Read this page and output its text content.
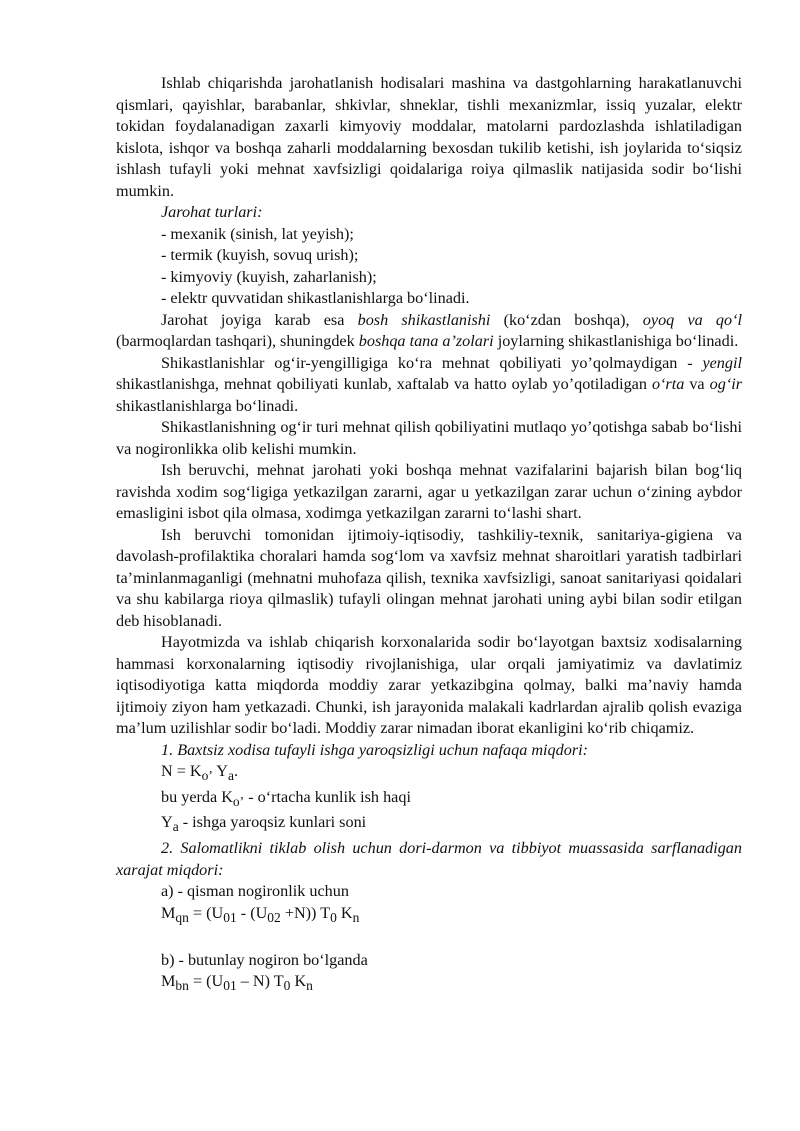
Ishlab chiqarishda jarohatlanish hodisalari mashina va dastgohlarning harakatlanuvchi qismlari, qayishlar, barabanlar, shkivlar, shneklar, tishli mexanizmlar, issiq yuzalar, elektr tokidan foydalanadigan zaxarli kimyoviy moddalar, matolarni pardozlashda ishlatiladigan kislota, ishqor va boshqa zaharli moddalarning bexosdan tukilib ketishi, ish joylarida to‘siqsiz ishlash tufayli yoki mehnat xavfsizligi qoidalariga roiya qilmaslik natijasida sodir bo‘lishi mumkin.

Jarohat turlari:

- mexanik (sinish, lat yeyish);

- termik (kuyish, sovuq urish);

- kimyoviy (kuyish, zaharlanish);

- elektr quvvatidan shikastlanishlarga bo‘linadi.

Jarohat joyiga karab esa bosh shikastlanishi (ko‘zdan boshqa), oyoq va qo‘l (barmoqlardan tashqari), shuningdek boshqa tana a’zolari joylarning shikastlanishiga bo‘linadi.

Shikastlanishlar og‘ir-yengilligiga ko‘ra mehnat qobiliyati yo’qolmaydigan - yengil shikastlanishga, mehnat qobiliyati kunlab, xaftalab va hatto oylab yo’qotiladigan o‘rta va og‘ir shikastlanishlarga bo‘linadi.

Shikastlanishning og‘ir turi mehnat qilish qobiliyatini mutlaqo yo’qotishga sabab bo‘lishi va nogironlikka olib kelishi mumkin.

Ish beruvchi, mehnat jarohati yoki boshqa mehnat vazifalarini bajarish bilan bog‘liq ravishda xodim sog‘ligiga yetkazilgan zararni, agar u yetkazilgan zarar uchun o‘zining aybdor emasligini isbot qila olmasa, xodimga yetkazilgan zararni to‘lashi shart.

Ish beruvchi tomonidan ijtimoiy-iqtisodiy, tashkiliy-texnik, sanitariya-gigiena va davolash-profilaktika choralari hamda sog‘lom va xavfsiz mehnat sharoitlari yaratish tadbirlari ta’minlanmaganligi (mehnatni muhofaza qilish, texnika xavfsizligi, sanoat sanitariyasi qoidalari va shu kabilarga rioya qilmaslik) tufayli olingan mehnat jarohati uning aybi bilan sodir etilgan deb hisoblanadi.

Hayotmizda va ishlab chiqarish korxonalarida sodir bo‘layotgan baxtsiz xodisalarning hammasi korxonalarning iqtisodiy rivojlanishiga, ular orqali jamiyatimiz va davlatimiz iqtisodiyotiga katta miqdorda moddiy zarar yetkazibgina qolmay, balki ma’naviy hamda ijtimoiy ziyon ham yetkazadi. Chunki, ish jarayonida malakali kadrlardan ajralib qolish evaziga ma’lum uzilishlar sodir bo‘ladi. Moddiy zarar nimadan iborat ekanligini ko‘rib chiqamiz.

1. Baxtsiz xodisa tufayli ishga yaroqsizligi uchun nafaqa miqdori:

$N = K_{o’}$ $Y_a$.

bu yerda $K_{o’}$ - o‘rtacha kunlik ish haqi

$Y_a$ - ishga yaroqsiz kunlari soni

2. Salomatlikni tiklab olish uchun dori-darmon va tibbiyot muassasida sarflanadigan xarajat miqdori:

a) - qisman nogironlik uchun

$M_{qn} = (U_{01} - (U_{02} +N))$ $T_0$ $K_n$

b) - butunlay nogiron bo‘lganda

$M_{bn} = (U_{01} - N)$ $T_0$ $K_n$
